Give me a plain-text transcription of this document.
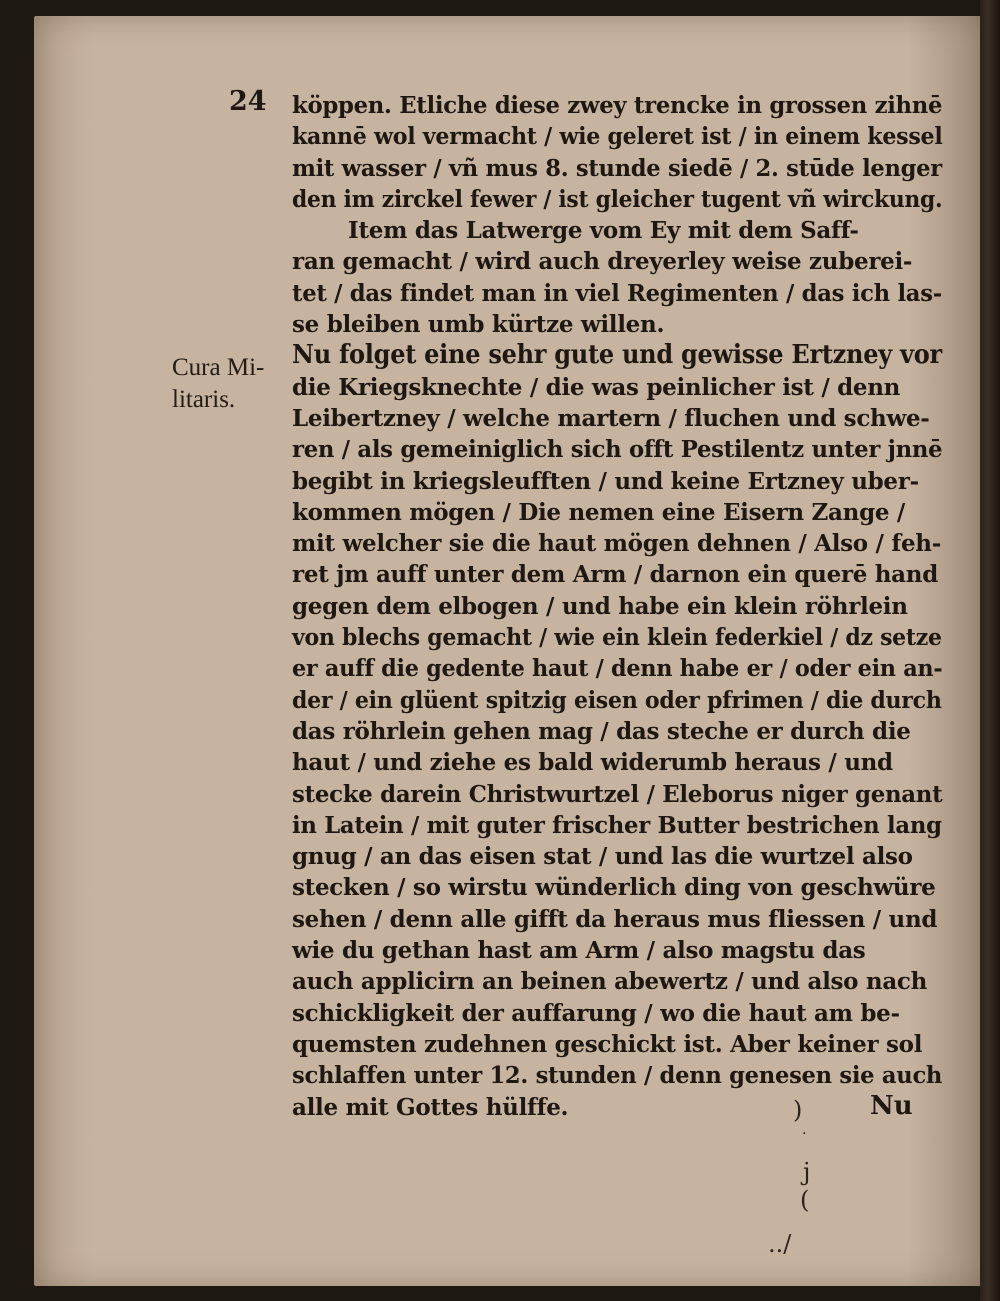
24
Cura Mi-
litaris.
köppen. Etliche diese zwey trencke in grossen zihnē
kannē wol vermacht / wie geleret ist / in einem kessel
mit wasser / vñ mus 8. stunde siedē / 2. stūde lenger
den im zirckel fewer / ist gleicher tugent vñ wirckung.
Item das Latwerge vom Ey mit dem Saff-
ran gemacht / wird auch dreyerley weise zuberei-
tet / das findet man in viel Regimenten / das ich las-
se bleiben umb kürtze willen.
Nu folget eine sehr gute und gewisse Ertzney vor
die Kriegsknechte / die was peinlicher ist / denn
Leibertzney / welche martern / fluchen und schwe-
ren / als gemeiniglich sich offt Pestilentz unter jnnē
begibt in kriegsleufften / und keine Ertzney uber-
kommen mögen / Die nemen eine Eisern Zange /
mit welcher sie die haut mögen dehnen / Also / feh-
ret jm auff unter dem Arm / darnon ein querē hand
gegen dem elbogen / und habe ein klein röhrlein
von blechs gemacht / wie ein klein federkiel / dz setze
er auff die gedente haut / denn habe er / oder ein an-
der / ein glüent spitzig eisen oder pfrimen / die durch
das röhrlein gehen mag / das steche er durch die
haut / und ziehe es bald widerumb heraus / und
stecke darein Christwurtzel / Eleborus niger genant
in Latein / mit guter frischer Butter bestrichen lang
gnug / an das eisen stat / und las die wurtzel also
stecken / so wirstu wünderlich ding von geschwüre
sehen / denn alle gifft da heraus mus fliessen / und
wie du gethan hast am Arm / also magstu das
auch applicirn an beinen abewertz / und also nach
schickligkeit der auffarung / wo die haut am be-
quemsten zudehnen geschickt ist. Aber keiner sol
schlaffen unter 12. stunden / denn genesen sie auch
alle mit Gottes hülffe.	Nu
)
·
j
(
../
